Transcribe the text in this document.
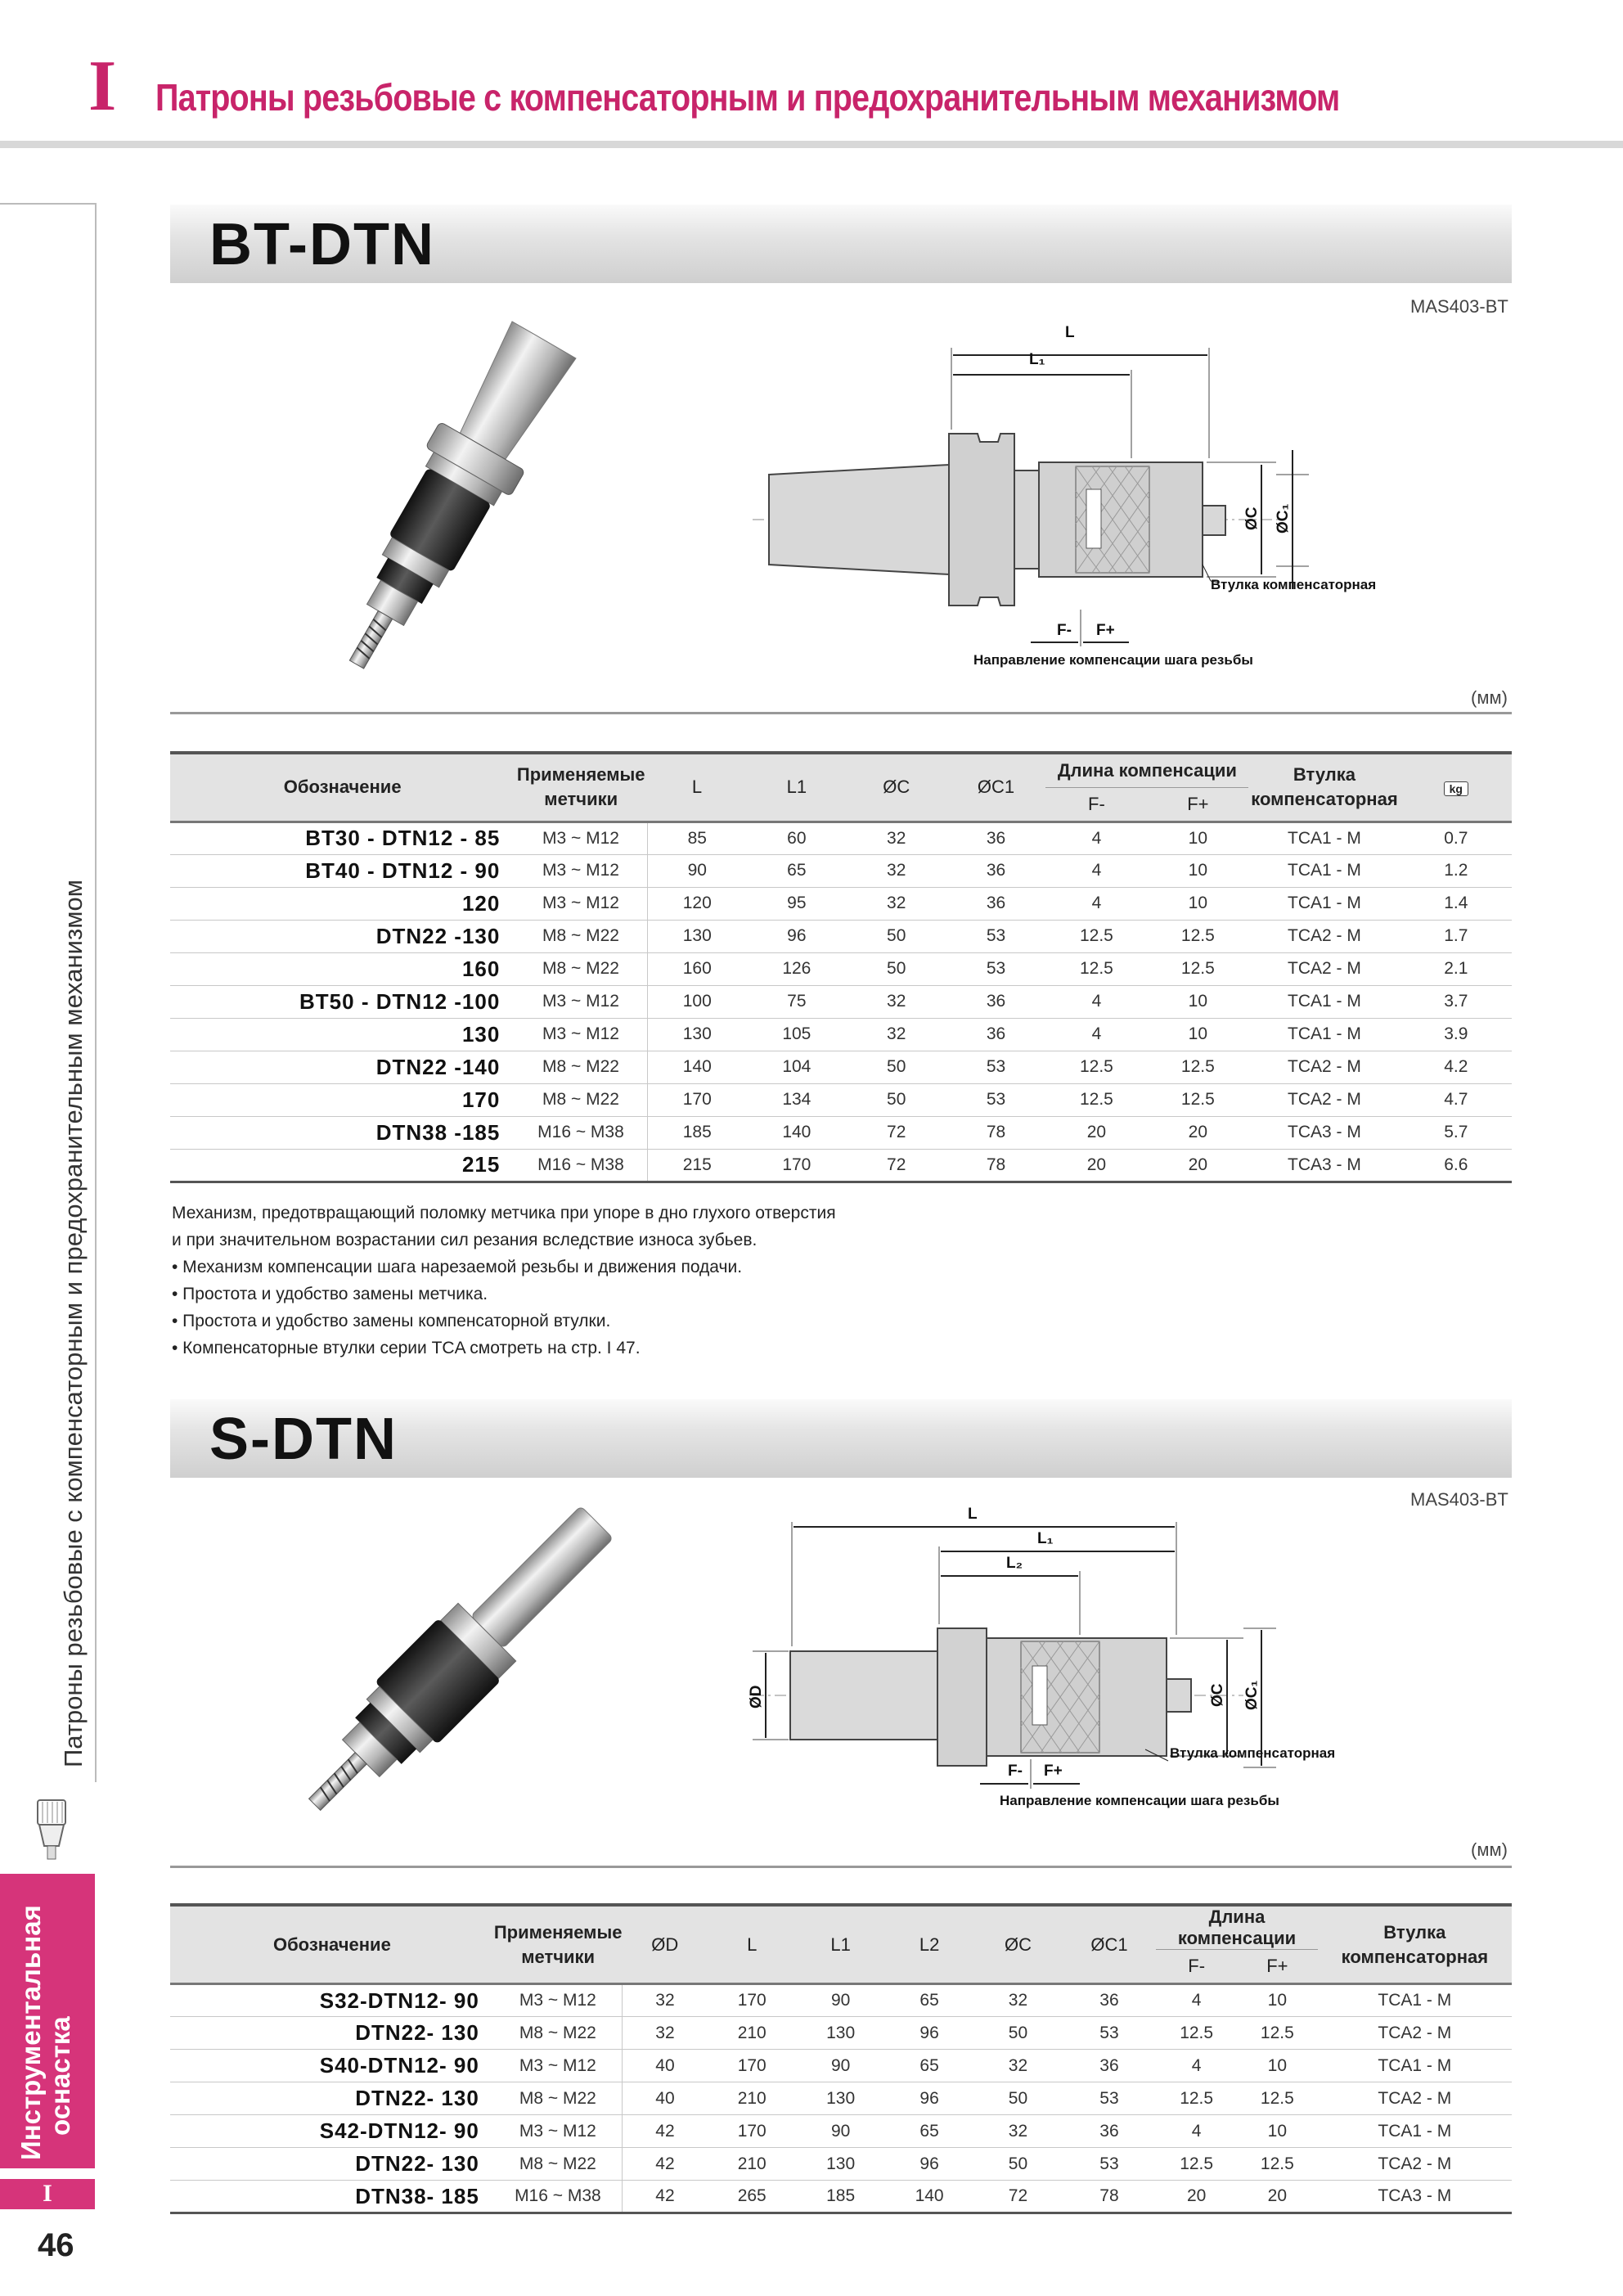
I Патроны резьбовые с компенсаторным и предохранительным механизмом
Патроны резьбовые с компенсаторным и предохранительным механизмом
Инструментальная оснастка
I
46
BT-DTN
MAS403-BT
L
L₁
ØC ØC₁
Втулка компенсаторная
F- F+
Направление компенсации шага резьбы
(мм)
Обозначение	Применяемые
метчики	L	L1	ØC	ØC1	Длина компенсации		Втулка
компенсаторная	kg
						F-	F+		
BT30 - DTN12 - 85	M3 ~ M12	85	60	32	36	4	10	TCA1 - M	0.7
BT40 - DTN12 - 90	M3 ~ M12	90	65	32	36	4	10	TCA1 - M	1.2
120	M3 ~ M12	120	95	32	36	4	10	TCA1 - M	1.4
DTN22 -130	M8 ~ M22	130	96	50	53	12.5	12.5	TCA2 - M	1.7
160	M8 ~ M22	160	126	50	53	12.5	12.5	TCA2 - M	2.1
BT50 - DTN12 -100	M3 ~ M12	100	75	32	36	4	10	TCA1 - M	3.7
130	M3 ~ M12	130	105	32	36	4	10	TCA1 - M	3.9
DTN22 -140	M8 ~ M22	140	104	50	53	12.5	12.5	TCA2 - M	4.2
170	M8 ~ M22	170	134	50	53	12.5	12.5	TCA2 - M	4.7
DTN38 -185	M16 ~ M38	185	140	72	78	20	20	TCA3 - M	5.7
215	M16 ~ M38	215	170	72	78	20	20	TCA3 - M	6.6
Механизм, предотвращающий поломку метчика при упоре в дно глухого отверстия
и при значительном возрастании сил резания вследствие износа зубьев.
• Механизм компенсации шага нарезаемой резьбы и движения подачи.
• Простота и удобство замены метчика.
• Простота и удобство замены компенсаторной втулки.
• Компенсаторные втулки серии TCA смотреть на стр. I 47.
S-DTN
MAS403-BT
L
L₁
L₂
ØD	ØC ØC₁
Втулка компенсаторная
F- F+
Направление компенсации шага резьбы
(мм)
Обозначение	Применяемые
метчики	ØD	L	L1	L2	ØC	ØC1	Длина компенсации		Втулка
компенсаторная
								F-	F+	
S32-DTN12- 90	M3 ~ M12	32	170	90	65	32	36	4	10	TCA1 - M
DTN22- 130	M8 ~ M22	32	210	130	96	50	53	12.5	12.5	TCA2 - M
S40-DTN12- 90	M3 ~ M12	40	170	90	65	32	36	4	10	TCA1 - M
DTN22- 130	M8 ~ M22	40	210	130	96	50	53	12.5	12.5	TCA2 - M
S42-DTN12- 90	M3 ~ M12	42	170	90	65	32	36	4	10	TCA1 - M
DTN22- 130	M8 ~ M22	42	210	130	96	50	53	12.5	12.5	TCA2 - M
DTN38- 185	M16 ~ M38	42	265	185	140	72	78	20	20	TCA3 - M
